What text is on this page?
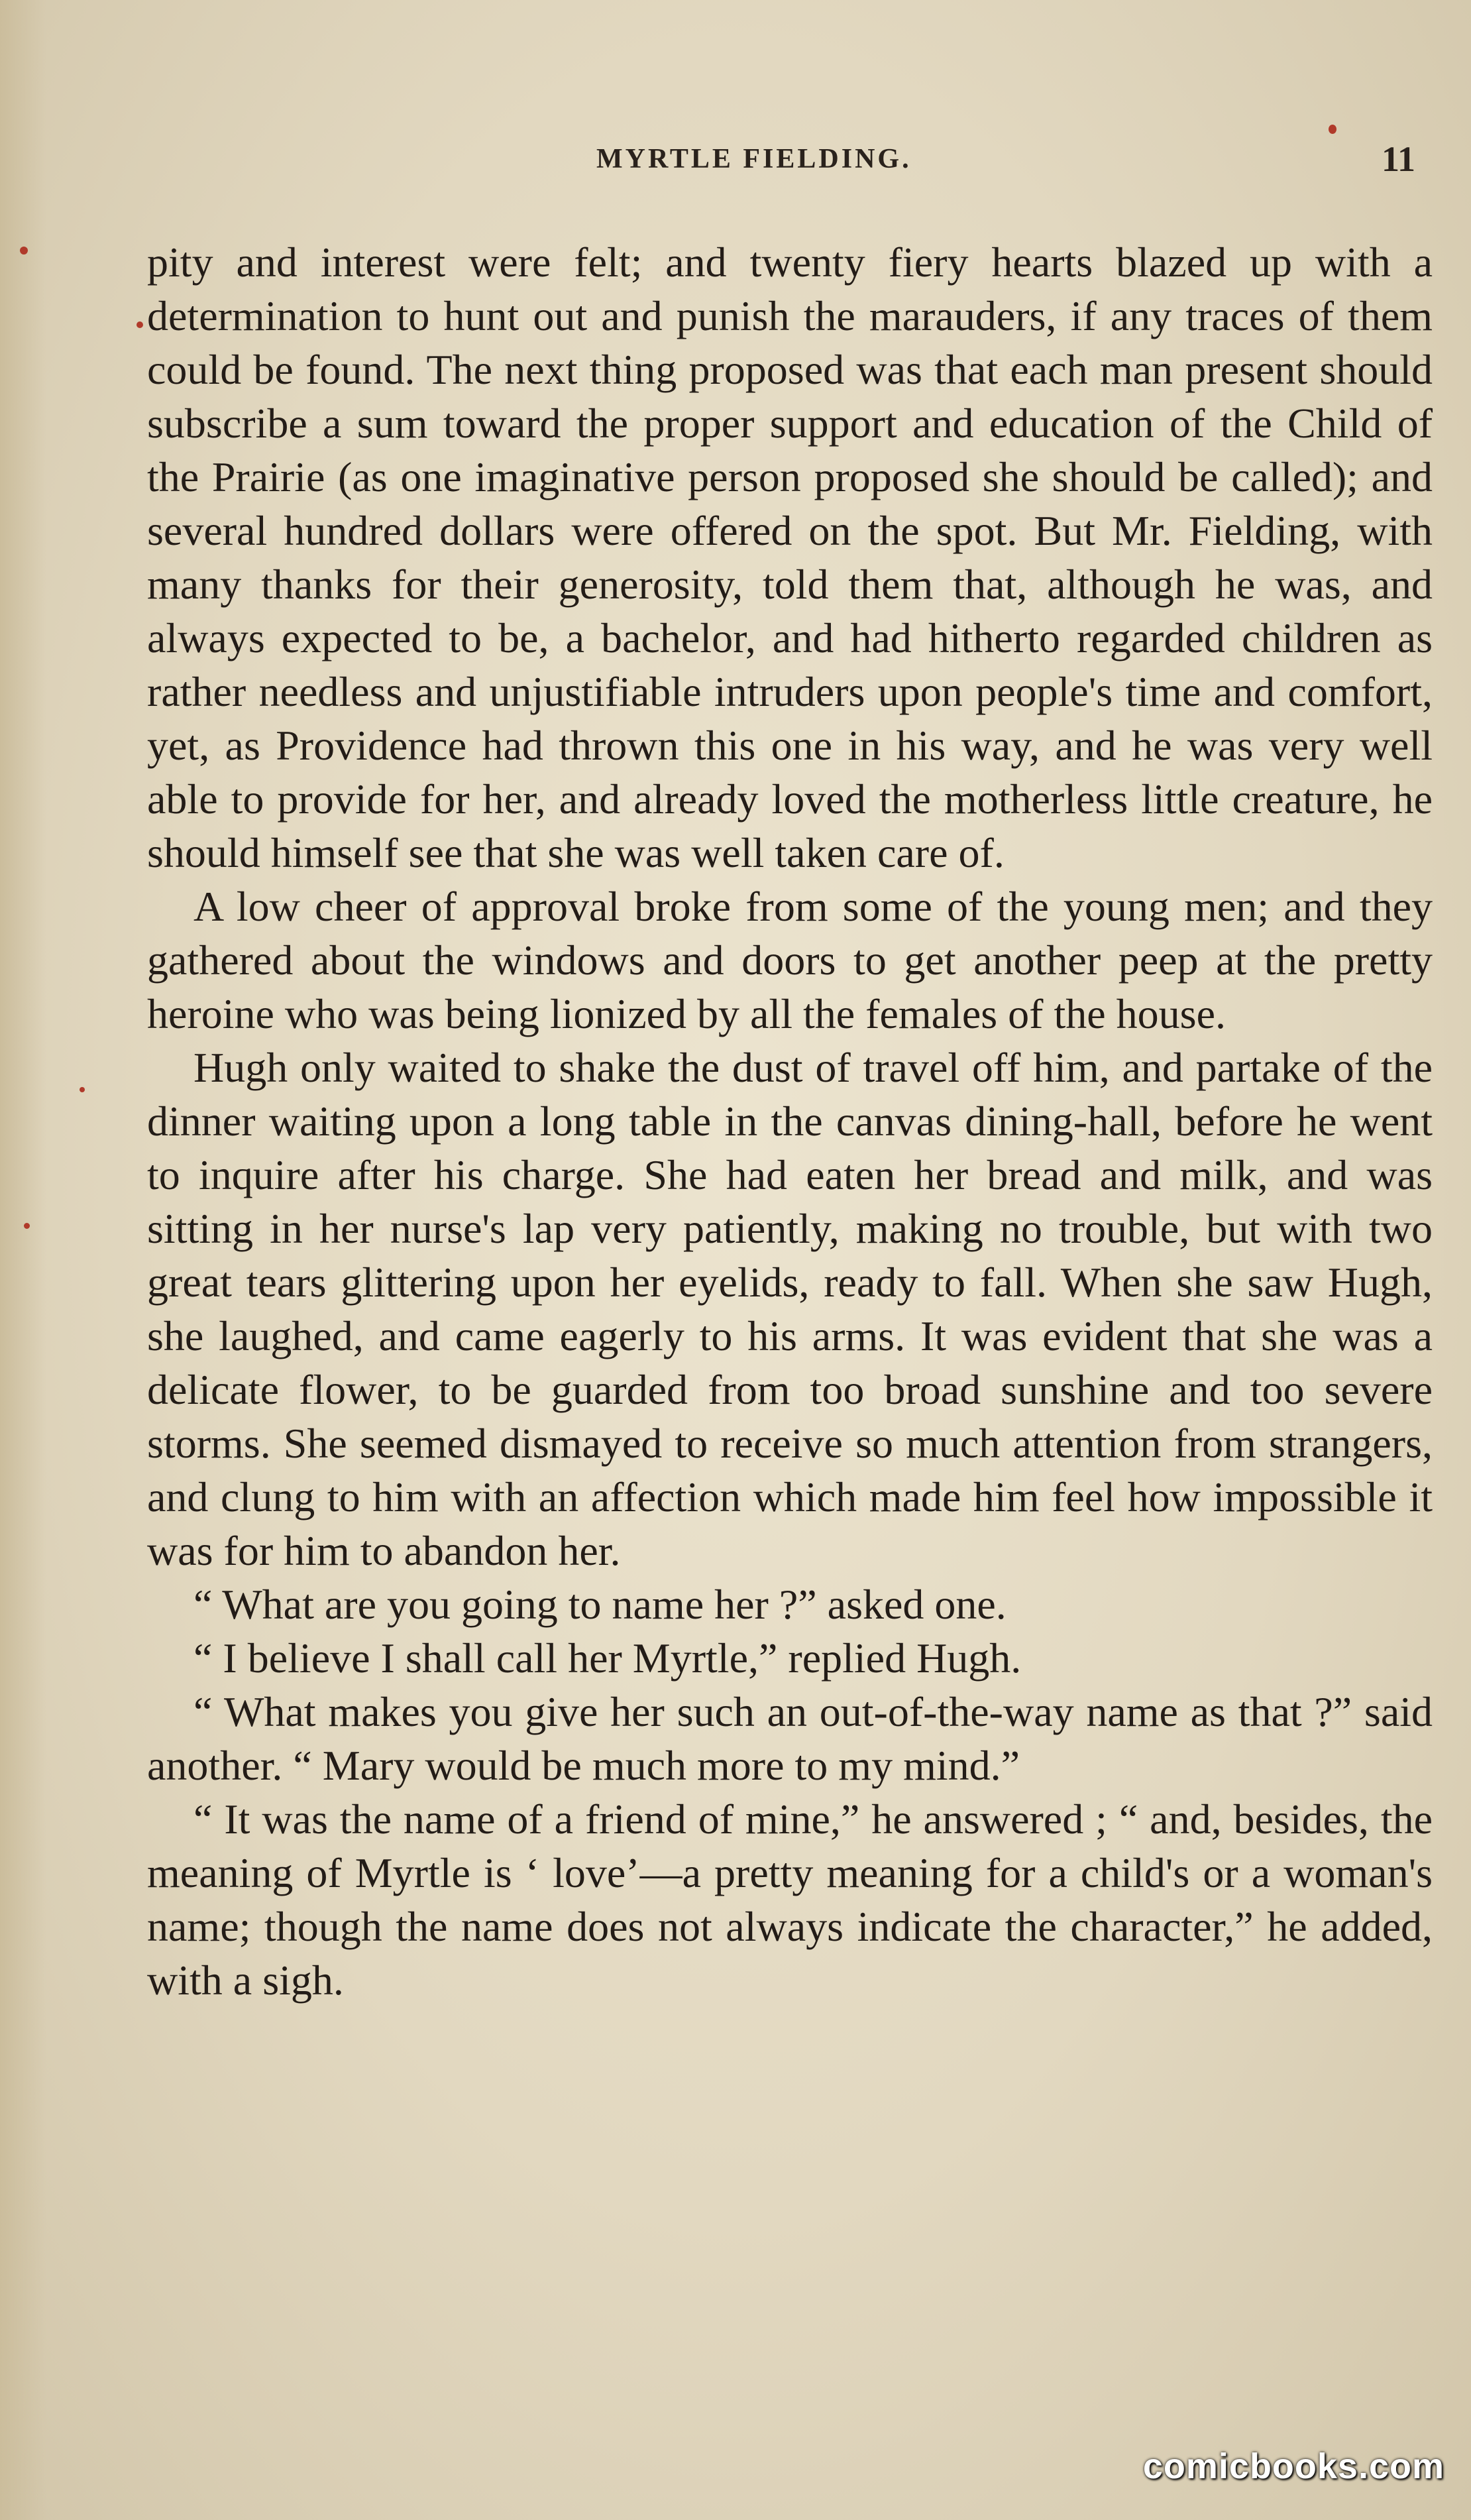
MYRTLE FIELDING.	11

pity and interest were felt; and twenty fiery hearts blazed up with a determination to hunt out and punish the marauders, if any traces of them could be found. The next thing proposed was that each man present should subscribe a sum toward the proper support and education of the Child of the Prairie (as one imaginative person proposed she should be called); and several hundred dollars were offered on the spot. But Mr. Fielding, with many thanks for their generosity, told them that, although he was, and always expected to be, a bachelor, and had hitherto regarded children as rather needless and unjustifiable intruders upon people's time and comfort, yet, as Providence had thrown this one in his way, and he was very well able to provide for her, and already loved the motherless little creature, he should himself see that she was well taken care of.

A low cheer of approval broke from some of the young men; and they gathered about the windows and doors to get another peep at the pretty heroine who was being lionized by all the females of the house.

Hugh only waited to shake the dust of travel off him, and partake of the dinner waiting upon a long table in the canvas dining-hall, before he went to inquire after his charge. She had eaten her bread and milk, and was sitting in her nurse's lap very patiently, making no trouble, but with two great tears glittering upon her eyelids, ready to fall. When she saw Hugh, she laughed, and came eagerly to his arms. It was evident that she was a delicate flower, to be guarded from too broad sunshine and too severe storms. She seemed dismayed to receive so much attention from strangers, and clung to him with an affection which made him feel how impossible it was for him to abandon her.

“ What are you going to name her ?” asked one.

“ I believe I shall call her Myrtle,” replied Hugh.

“ What makes you give her such an out-of-the-way name as that ?” said another. “ Mary would be much more to my mind.”

“ It was the name of a friend of mine,” he answered ; “ and, besides, the meaning of Myrtle is ‘ love’—a pretty meaning for a child's or a woman's name; though the name does not always indicate the character,” he added, with a sigh.

comicbooks.com
